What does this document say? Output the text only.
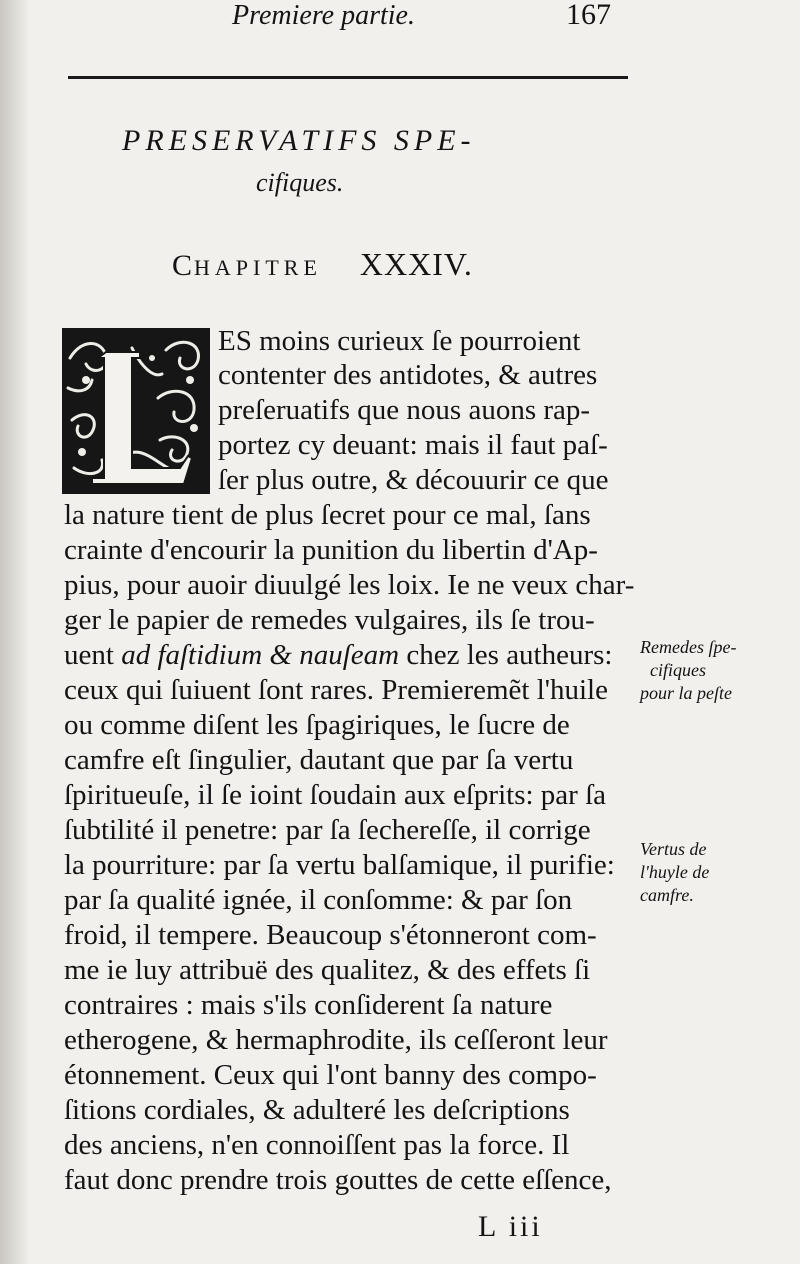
Premiere partie.	167
PRESERVATIFS SPE-
cifiques.
CHAPITRE XXXIV.
ES moins curieux ſe pourroient
contenter des antidotes, & autres
preſeruatifs que nous auons rap-
portez cy deuant: mais il faut paſ-
ſer plus outre, & découurir ce que
la nature tient de plus ſecret pour ce mal, ſans
crainte d'encourir la punition du libertin d'Ap-
pius, pour auoir diuulgé les loix. Ie ne veux char-
ger le papier de remedes vulgaires, ils ſe trou-
uent ad faſtidium & nauſeam chez les autheurs:
ceux qui ſuiuent ſont rares. Premieremẽt l'huile
ou comme diſent les ſpagiriques, le ſucre de
camfre eſt ſingulier, dautant que par ſa vertu
ſpiritueuſe, il ſe ioint ſoudain aux eſprits: par ſa
ſubtilité il penetre: par ſa ſechereſſe, il corrige
la pourriture: par ſa vertu balſamique, il purifie:
par ſa qualité ignée, il conſomme: & par ſon
froid, il tempere. Beaucoup s'étonneront com-
me ie luy attribuë des qualitez, & des effets ſi
contraires : mais s'ils conſiderent ſa nature
etherogene, & hermaphrodite, ils ceſſeront leur
étonnement. Ceux qui l'ont banny des compo-
ſitions cordiales, & adulteré les deſcriptions
des anciens, n'en connoiſſent pas la force. Il
faut donc prendre trois gouttes de cette eſſence,
Remedes ſpe-
cifiques
pour la peſte
Vertus de
l'huyle de
camfre.
L iii
